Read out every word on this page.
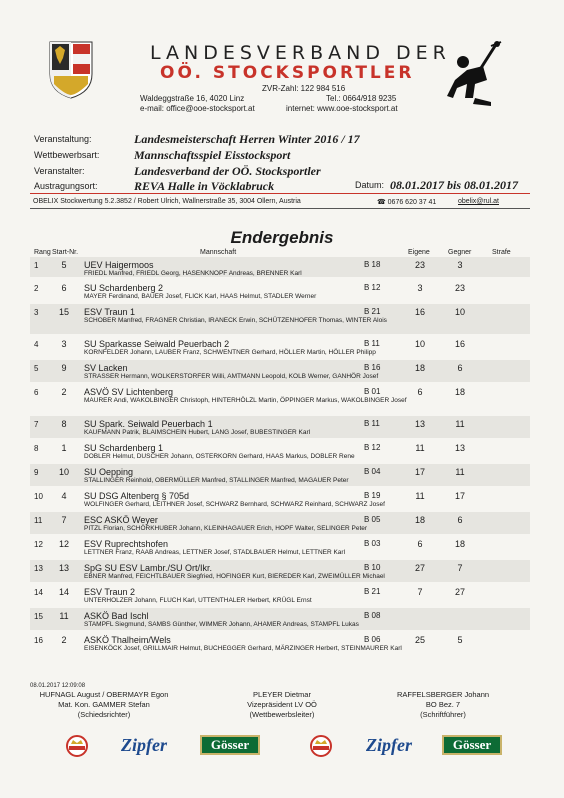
LANDESVERBAND DER
OÖ. STOCKSPORTLER
ZVR-Zahl: 122 984 516
Waldeggstraße 16, 4020 Linz
e-mail: office@ooe-stocksport.at
Tel.: 0664/918 9235
internet: www.ooe-stocksport.at
Veranstaltung:	Landesmeisterschaft Herren Winter 2016 / 17
Wettbewerbsart:	Mannschaftsspiel Eisstocksport
Veranstalter:	Landesverband der OÖ. Stocksportler
Austragungsort:	REVA Halle in Vöcklabruck	Datum: 08.01.2017 bis 08.01.2017
OBELIX Stockwertung 5.2.3852 / Robert Ulrich, Wallnerstraße 35, 3004 Ollern, Austria	☎ 0676 620 37 41	obelix@rul.at
Endergebnis
Rang Start-Nr.	Mannschaft	Eigene	Gegner	Strafe
1	5	UEV Haigermoos	B 18	23	3
FRIEDL Manfred, FRIEDL Georg, HASENKNOPF Andreas, BRENNER Karl
2	6	SU Schardenberg 2	B 12	3	23
MAYER Ferdinand, BAUER Josef, FLICK Karl, HAAS Helmut, STADLER Werner
3 15 ESV Traun 1	B 21	16	10
SCHOBER Manfred, FRAGNER Christian, IRANECK Erwin, SCHÜTZENHOFER Thomas, WINTER Alois
4	3	SU Sparkasse Seiwald Peuerbach 2	B 11	10	16
KORNFELDER Johann, LAUBER Franz, SCHWENTNER Gerhard, HÖLLER Martin, HÖLLER Philipp
5	9	SV Lacken	B 16	18	6
STRASSER Hermann, WOLKERSTORFER Willi, AMTMANN Leopold, KOLB Werner, GANHÖR Josef
6	2	ASVÖ SV Lichtenberg	B 01	6	18
MAURER Andi, WAKOLBINGER Christoph, HINTERHÖLZL Martin, ÖPPINGER Markus, WAKOLBINGER Josef
7	8	SU Spark. Seiwald Peuerbach 1	B 11	13	11
KAUFMANN Patrik, BLAIMSCHEIN Hubert, LANG Josef, BUBESTINGER Karl
8	1	SU Schardenberg 1	B 12	11	13
DOBLER Helmut, DUSCHER Johann, OSTERKORN Gerhard, HAAS Markus, DOBLER Rene
9 10 SU Oepping	B 04	17	11
STALLINGER Reinhold, OBERMÜLLER Manfred, STALLINGER Manfred, MAGAUER Peter
10	4	SU DSG Altenberg § 705d	B 19	11	17
WOLFINGER Gerhard, LEITHNER Josef, SCHWARZ Bernhard, SCHWARZ Reinhard, SCHWARZ Josef
11	7	ESC ASKÖ Weyer	B 05	18	6
PITZL Florian, SCHÖRKHUBER Johann, KLEINHAGAUER Erich, HOPF Walter, SELINGER Peter
12 12 ESV Ruprechtshofen	B 03	6	18
LETTNER Franz, RAAB Andreas, LETTNER Josef, STADLBAUER Helmut, LETTNER Karl
13 13 SpG SU ESV Lambr./SU Ort/Ikr.	B 10	27	7
EBNER Manfred, FEICHTLBAUER Siegfried, HOFINGER Kurt, BIEREDER Karl, ZWEIMÜLLER Michael
14 14 ESV Traun 2	B 21	7	27
UNTERHOLZER Johann, FLUCH Karl, UTTENTHALER Herbert, KRÜGL Ernst
15 11 ASKÖ Bad Ischl	B 08
STAMPFL Siegmund, SAMBS Günther, WIMMER Johann, AHAMER Andreas, STAMPFL Lukas
16	2	ASKÖ Thalheim/Wels	B 06	25	5
EISENKÖCK Josef, GRILLMAIR Helmut, BUCHEGGER Gerhard, MÄRZINGER Herbert, STEINMAURER Karl
08.01.2017 12:09:08
HUFNAGL August / OBERMAYR Egon
Mat. Kon. GAMMER Stefan
(Schiedsrichter)
PLEYER Dietmar
Vizepräsident LV OÖ
(Wettbewerbsleiter)
RAFFELSBERGER Johann
BO Bez. 7
(Schriftführer)
Zipfer	Gösser	Zipfer	Gösser
